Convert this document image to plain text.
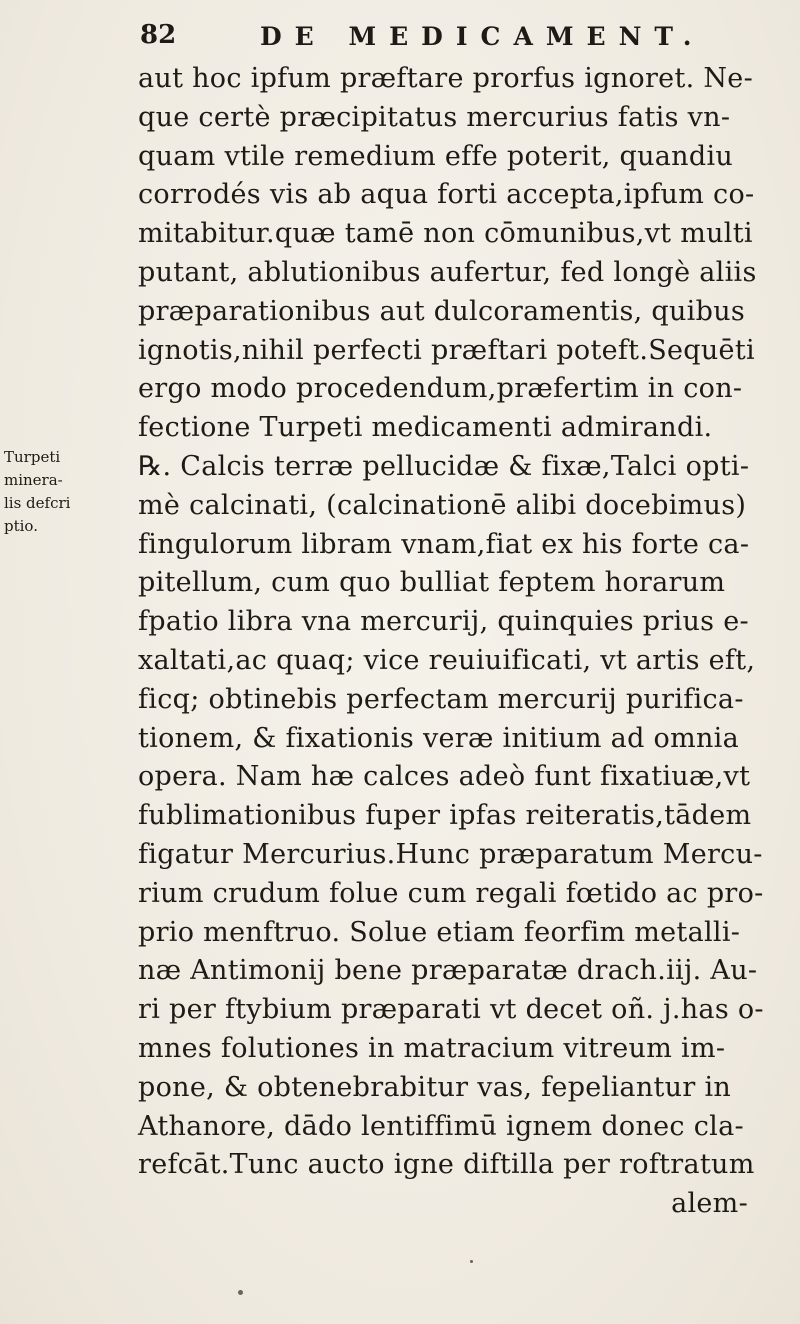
82	DE MEDICAMENT.
Turpeti
minera-
lis defcri
ptio.
aut hoc ipfum præftare prorfus ignoret. Ne-
que certè præcipitatus mercurius fatis vn-
quam vtile remedium effe poterit, quandiu
corrodés vis ab aqua forti accepta,ipfum co-
mitabitur.quæ tamē non cōmunibus,vt multi
putant, ablutionibus aufertur, fed longè aliis
præparationibus aut dulcoramentis, quibus
ignotis,nihil perfecti præftari poteft.Sequēti
ergo modo procedendum,præfertim in con-
fectione Turpeti medicamenti admirandi.
℞. Calcis terræ pellucidæ & fixæ,Talci opti-
mè calcinati, (calcinationē alibi docebimus)
fingulorum libram vnam,fiat ex his forte ca-
pitellum, cum quo bulliat feptem horarum
fpatio libra vna mercurij, quinquies prius e-
xaltati,ac quaq; vice reuiuificati, vt artis eft,
ficq; obtinebis perfectam mercurij purifica-
tionem, & fixationis veræ initium ad omnia
opera. Nam hæ calces adeò funt fixatiuæ,vt
fublimationibus fuper ipfas reiteratis,tādem
figatur Mercurius.Hunc præparatum Mercu-
rium crudum folue cum regali fœtido ac pro-
prio menftruo. Solue etiam feorfim metalli-
næ Antimonij bene præparatæ drach.iij. Au-
ri per ftybium præparati vt decet oñ. j.has o-
mnes folutiones in matracium vitreum im-
pone, & obtenebrabitur vas, fepeliantur in
Athanore, dādo lentiffimū ignem donec cla-
refcāt.Tunc aucto igne diftilla per roftratum
alem-
